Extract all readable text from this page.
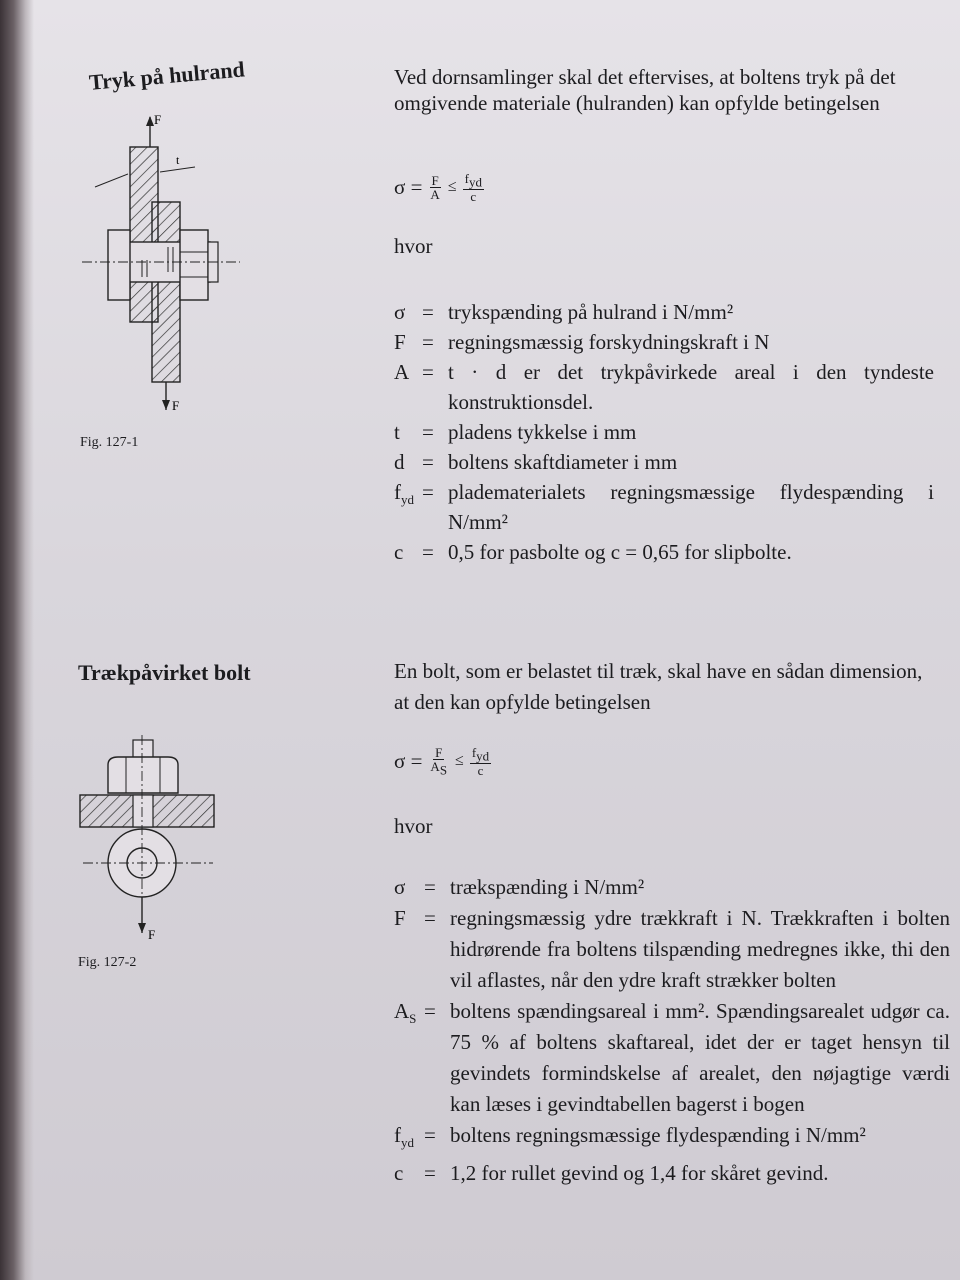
Tryk på hulrand
F
t
F
Fig. 127-1
Ved dornsamlinger skal det eftervises, at boltens tryk på det omgivende materiale (hulranden) kan opfylde betingelsen
$\sigma = \frac{F}{A} \le \frac{f_{yd}}{c}$
hvor
σ = trykspænding på hulrand i N/mm²
F = regningsmæssig forskydningskraft i N
A = t · d er det trykpåvirkede areal i den tyndeste konstruktionsdel.
t	= pladens tykkelse i mm
d = boltens skaftdiameter i mm
$f_{yd}$ = pladematerialets regningsmæssige flydespænding i N/mm²
c = 0,5 for pasbolte og c = 0,65 for slipbolte.
Trækpåvirket bolt
F
Fig. 127-2
En bolt, som er belastet til træk, skal have en sådan dimension, at den kan opfylde betingelsen
$\sigma = \frac{F}{A_S} \le \frac{f_{yd}}{c}$
hvor
σ = trækspænding i N/mm²
F = regningsmæssig ydre trækkraft i N. Trækkraften i bolten hidrørende fra boltens tilspænding medregnes ikke, thi den vil aflastes, når den ydre kraft strækker bolten
$A_S$ = boltens spændingsareal i mm². Spændingsarealet udgør ca. 75 % af boltens skaftareal, idet der er taget hensyn til gevindets formindskelse af arealet, den nøjagtige værdi kan læses i gevindtabellen bagerst i bogen
$f_{yd}$ = boltens regningsmæssige flydespænding i N/mm²
c = 1,2 for rullet gevind og 1,4 for skåret gevind.
